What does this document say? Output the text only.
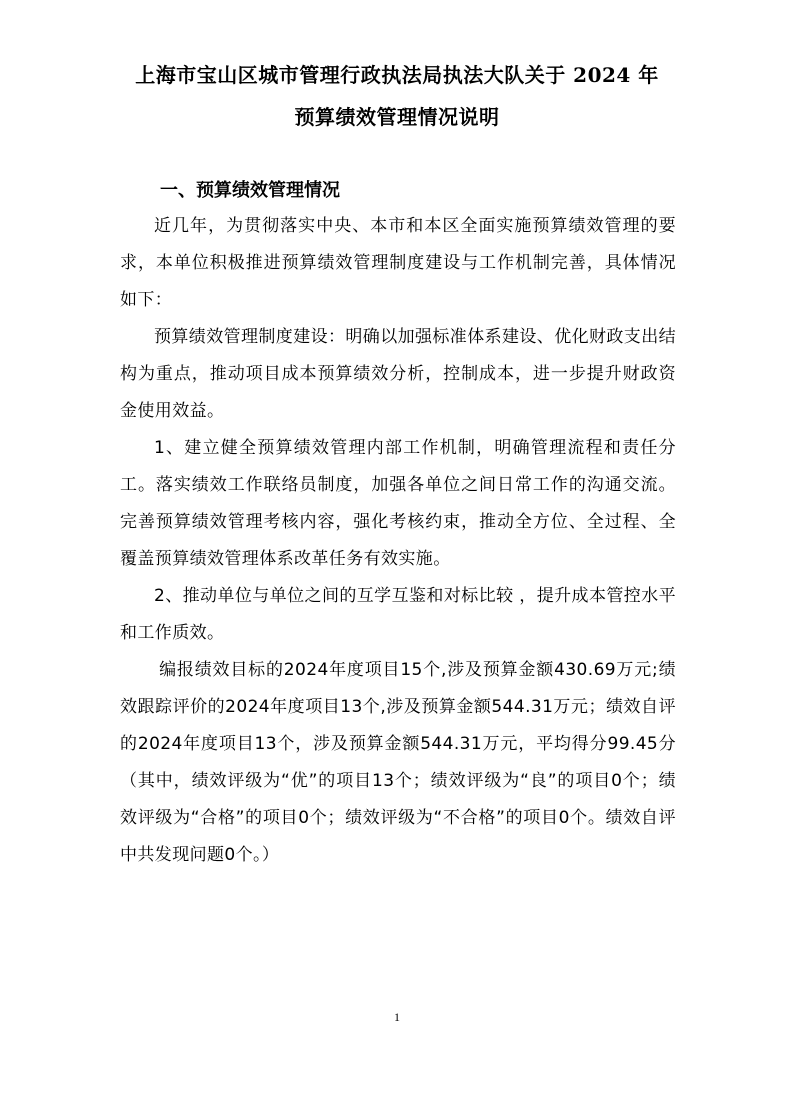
上海市宝山区城市管理行政执法局执法大队关于 2024 年
预算绩效管理情况说明
一、预算绩效管理情况

近几年，为贯彻落实中央、本市和本区全面实施预算绩效管理的要求，本单位积极推进预算绩效管理制度建设与工作机制完善，具体情况如下：

预算绩效管理制度建设：明确以加强标准体系建设、优化财政支出结构为重点，推动项目成本预算绩效分析，控制成本，进一步提升财政资金使用效益。

1、建立健全预算绩效管理内部工作机制，明确管理流程和责任分工。落实绩效工作联络员制度，加强各单位之间日常工作的沟通交流。完善预算绩效管理考核内容，强化考核约束，推动全方位、全过程、全覆盖预算绩效管理体系改革任务有效实施。

2、推动单位与单位之间的互学互鉴和对标比较 ，提升成本管控水平和工作质效。

编报绩效目标的2024年度项目15个,涉及预算金额430.69万元;绩效跟踪评价的2024年度项目13个,涉及预算金额544.31万元；绩效自评的2024年度项目13个，涉及预算金额544.31万元，平均得分99.45分（其中，绩效评级为“优”的项目13个；绩效评级为“良”的项目0个；绩效评级为“合格”的项目0个；绩效评级为“不合格”的项目0个。绩效自评中共发现问题0个。）

1
